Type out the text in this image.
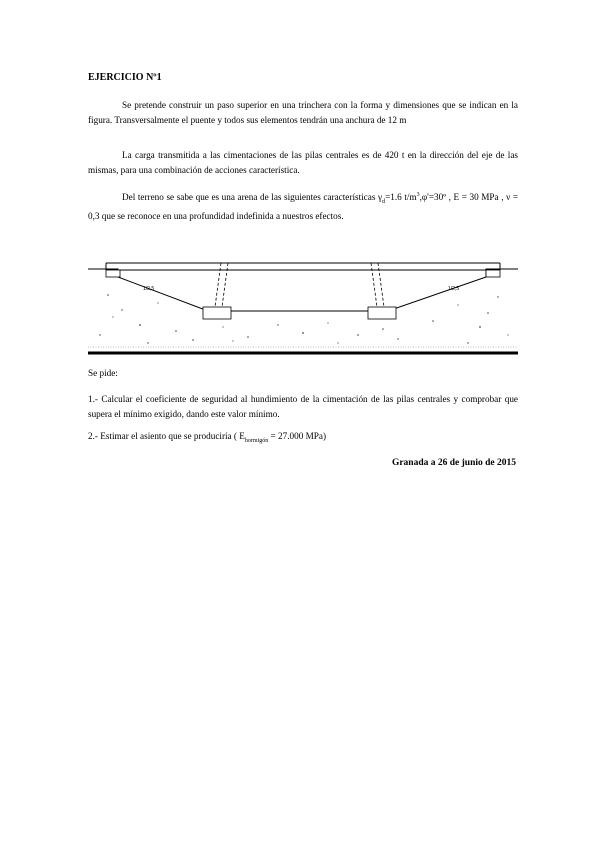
EJERCICIO Nº1
Se pretende construir un paso superior en una trinchera con la forma y dimensiones que se indican en la figura. Transversalmente el puente y todos sus elementos tendrán una anchura de 12 m
La carga transmitida a las cimentaciones de las pilas centrales es de 420 t en la dirección del eje de las mismas, para una combinación de acciones característica.
Del terreno se sabe que es una arena de las siguientes características $\gamma_d=1.6$ $t/m^3,\varphi'=30º$ , E = 30 MPa , ν = 0,3 que se reconoce en una profundidad indefinida a nuestros efectos.
1/2,5	1/2,5
Se pide:
1.- Calcular el coeficiente de seguridad al hundimiento de la cimentación de las pilas centrales y comprobar que supera el mínimo exigido, dando este valor mínimo.
2.- Estimar el asiento que se produciría ( $E_{hormigón} = 27.000$ MPa)
Granada a 26 de junio de 2015
